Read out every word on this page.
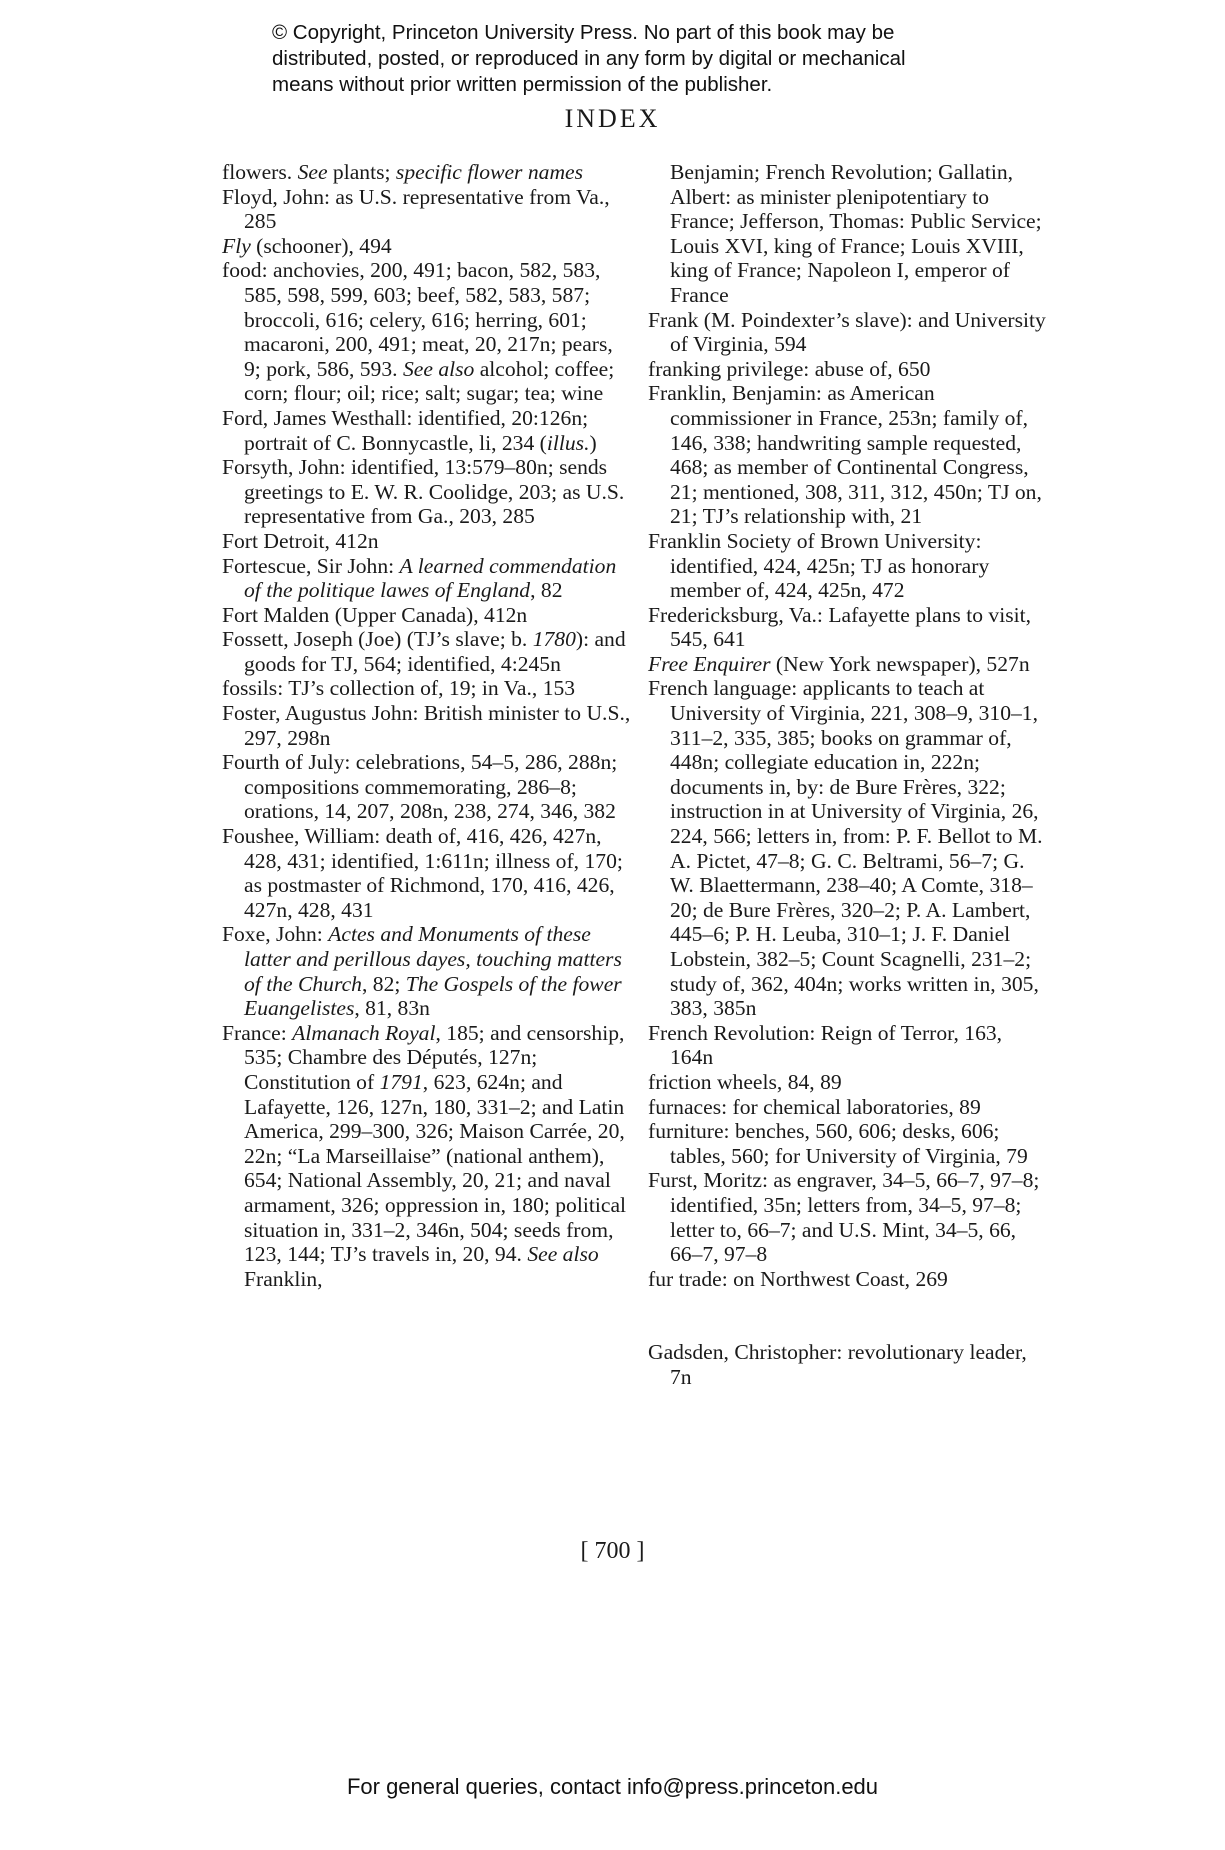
© Copyright, Princeton University Press. No part of this book may be
distributed, posted, or reproduced in any form by digital or mechanical
means without prior written permission of the publisher.
INDEX

flowers. See plants; specific flower names

Floyd, John: as U.S. representative from Va., 285

Fly (schooner), 494

food: anchovies, 200, 491; bacon, 582, 583, 585, 598, 599, 603; beef, 582, 583, 587; broccoli, 616; celery, 616; herring, 601; macaroni, 200, 491; meat, 20, 217n; pears, 9; pork, 586, 593. See also alcohol; coffee; corn; flour; oil; rice; salt; sugar; tea; wine

Ford, James Westhall: identified, 20:126n; portrait of C. Bonnycastle, li, 234 (illus.)

Forsyth, John: identified, 13:579–80n; sends greetings to E. W. R. Coolidge, 203; as U.S. representative from Ga., 203, 285

Fort Detroit, 412n

Fortescue, Sir John: A learned commendation of the politique lawes of England, 82

Fort Malden (Upper Canada), 412n

Fossett, Joseph (Joe) (TJ’s slave; b. 1780): and goods for TJ, 564; identified, 4:245n

fossils: TJ’s collection of, 19; in Va., 153

Foster, Augustus John: British minister to U.S., 297, 298n

Fourth of July: celebrations, 54–5, 286, 288n; compositions commemorating, 286–8; orations, 14, 207, 208n, 238, 274, 346, 382

Foushee, William: death of, 416, 426, 427n, 428, 431; identified, 1:611n; illness of, 170; as postmaster of Richmond, 170, 416, 426, 427n, 428, 431

Foxe, John: Actes and Monuments of these latter and perillous dayes, touching matters of the Church, 82; The Gospels of the fower Euangelistes, 81, 83n

France: Almanach Royal, 185; and censorship, 535; Chambre des Députés, 127n; Constitution of 1791, 623, 624n; and Lafayette, 126, 127n, 180, 331–2; and Latin America, 299–300, 326; Maison Carrée, 20, 22n; “La Marseillaise” (national anthem), 654; National Assembly, 20, 21; and naval armament, 326; oppression in, 180; political situation in, 331–2, 346n, 504; seeds from, 123, 144; TJ’s travels in, 20, 94. See also Franklin,

Benjamin; French Revolution; Gallatin, Albert: as minister plenipotentiary to France; Jefferson, Thomas: Public Service; Louis XVI, king of France; Louis XVIII, king of France; Napoleon I, emperor of France

Frank (M. Poindexter’s slave): and University of Virginia, 594

franking privilege: abuse of, 650

Franklin, Benjamin: as American commissioner in France, 253n; family of, 146, 338; handwriting sample requested, 468; as member of Continental Congress, 21; mentioned, 308, 311, 312, 450n; TJ on, 21; TJ’s relationship with, 21

Franklin Society of Brown University: identified, 424, 425n; TJ as honorary member of, 424, 425n, 472

Fredericksburg, Va.: Lafayette plans to visit, 545, 641

Free Enquirer (New York newspaper), 527n

French language: applicants to teach at University of Virginia, 221, 308–9, 310–1, 311–2, 335, 385; books on grammar of, 448n; collegiate education in, 222n; documents in, by: de Bure Frères, 322; instruction in at University of Virginia, 26, 224, 566; letters in, from: P. F. Bellot to M. A. Pictet, 47–8; G. C. Beltrami, 56–7; G. W. Blaettermann, 238–40; A Comte, 318–20; de Bure Frères, 320–2; P. A. Lambert, 445–6; P. H. Leuba, 310–1; J. F. Daniel Lobstein, 382–5; Count Scagnelli, 231–2; study of, 362, 404n; works written in, 305, 383, 385n

French Revolution: Reign of Terror, 163, 164n

friction wheels, 84, 89

furnaces: for chemical laboratories, 89

furniture: benches, 560, 606; desks, 606; tables, 560; for University of Virginia, 79

Furst, Moritz: as engraver, 34–5, 66–7, 97–8; identified, 35n; letters from, 34–5, 97–8; letter to, 66–7; and U.S. Mint, 34–5, 66, 66–7, 97–8

fur trade: on Northwest Coast, 269

Gadsden, Christopher: revolutionary leader, 7n

[ 700 ]
For general queries, contact info@press.princeton.edu
